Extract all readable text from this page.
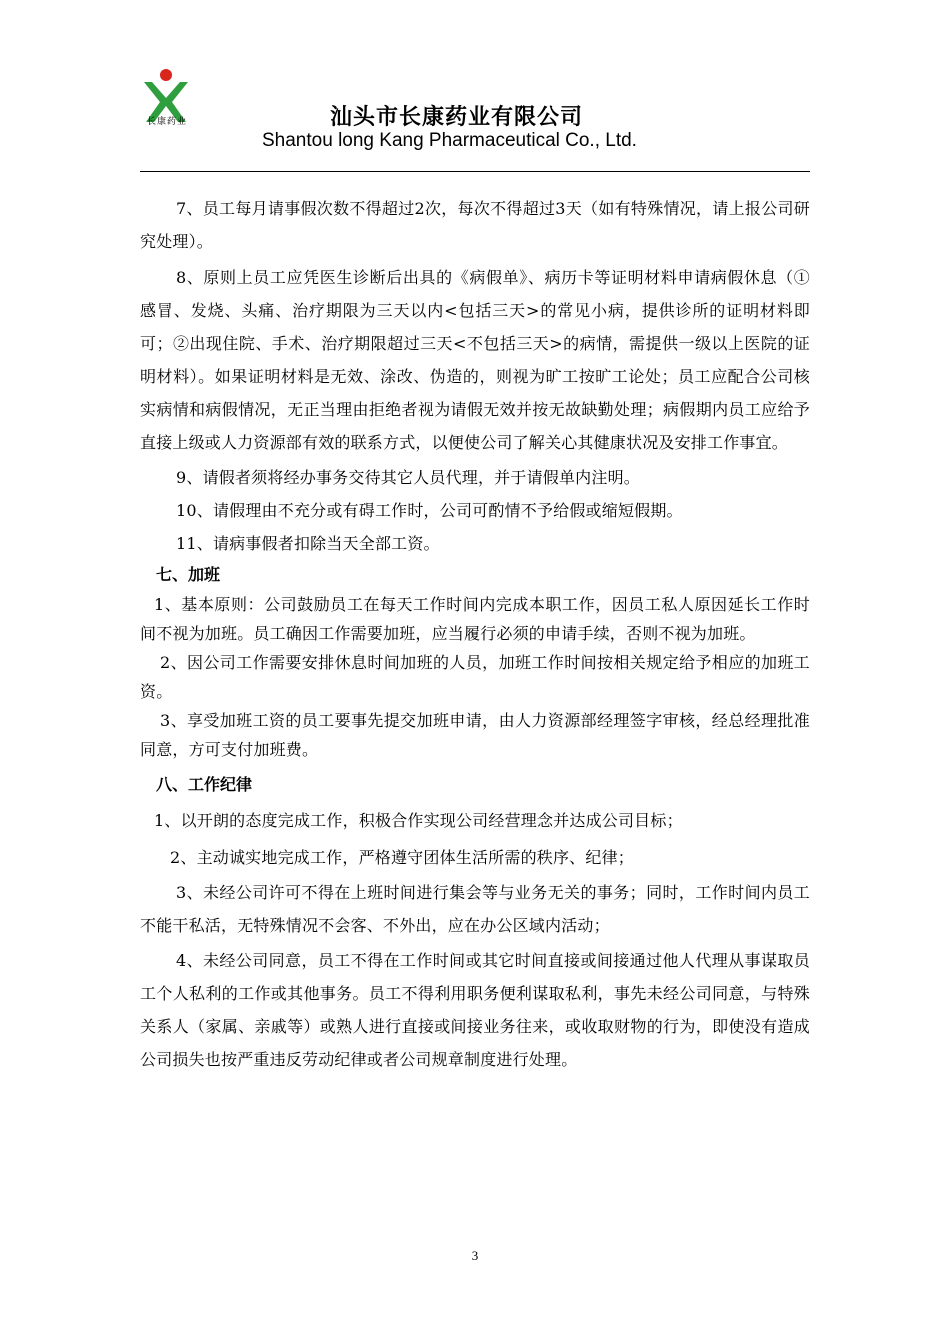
长康药业	汕头市长康药业有限公司
Shantou long Kang Pharmaceutical Co., Ltd.

7、员工每月请事假次数不得超过2次，每次不得超过3天（如有特殊情况，请上报公司研究处理）。

8、原则上员工应凭医生诊断后出具的《病假单》、病历卡等证明材料申请病假休息（①感冒、发烧、头痛、治疗期限为三天以内<包括三天>的常见小病，提供诊所的证明材料即可；②出现住院、手术、治疗期限超过三天<不包括三天>的病情，需提供一级以上医院的证明材料）。如果证明材料是无效、涂改、伪造的，则视为旷工按旷工论处；员工应配合公司核实病情和病假情况，无正当理由拒绝者视为请假无效并按无故缺勤处理；病假期内员工应给予直接上级或人力资源部有效的联系方式，以便使公司了解关心其健康状况及安排工作事宜。

9、请假者须将经办事务交待其它人员代理，并于请假单内注明。

10、请假理由不充分或有碍工作时，公司可酌情不予给假或缩短假期。

11、请病事假者扣除当天全部工资。

七、加班

1、基本原则：公司鼓励员工在每天工作时间内完成本职工作，因员工私人原因延长工作时间不视为加班。员工确因工作需要加班，应当履行必须的申请手续，否则不视为加班。

2、因公司工作需要安排休息时间加班的人员，加班工作时间按相关规定给予相应的加班工资。

3、享受加班工资的员工要事先提交加班申请，由人力资源部经理签字审核，经总经理批准同意，方可支付加班费。

八、工作纪律

1、以开朗的态度完成工作，积极合作实现公司经营理念并达成公司目标；

2、主动诚实地完成工作，严格遵守团体生活所需的秩序、纪律；

3、未经公司许可不得在上班时间进行集会等与业务无关的事务；同时，工作时间内员工不能干私活，无特殊情况不会客、不外出，应在办公区域内活动；

4、未经公司同意，员工不得在工作时间或其它时间直接或间接通过他人代理从事谋取员工个人私利的工作或其他事务。员工不得利用职务便利谋取私利，事先未经公司同意，与特殊关系人（家属、亲戚等）或熟人进行直接或间接业务往来，或收取财物的行为，即使没有造成公司损失也按严重违反劳动纪律或者公司规章制度进行处理。

3
